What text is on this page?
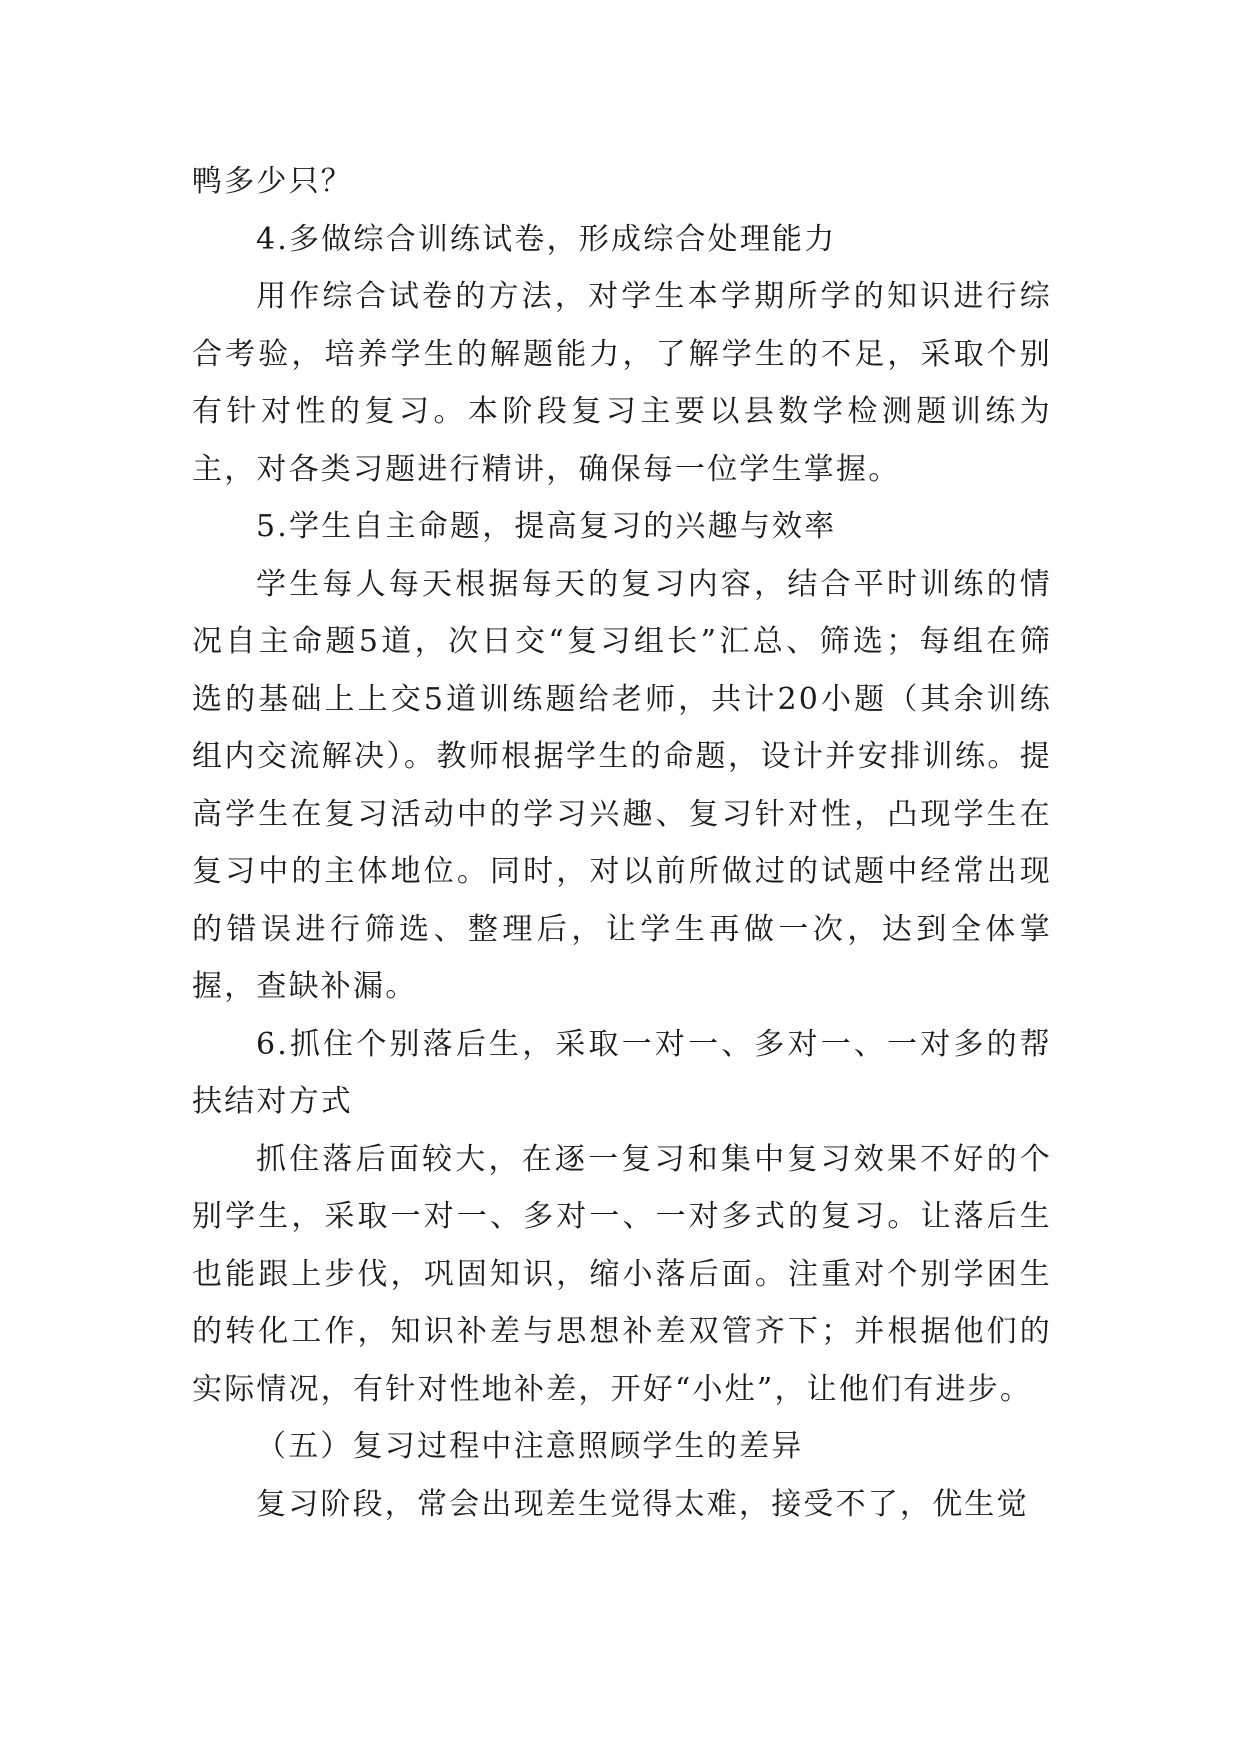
鸭多少只？

4.多做综合训练试卷，形成综合处理能力

用作综合试卷的方法，对学生本学期所学的知识进行综合考验，培养学生的解题能力，了解学生的不足，采取个别有针对性的复习。本阶段复习主要以县数学检测题训练为主，对各类习题进行精讲，确保每一位学生掌握。

5.学生自主命题，提高复习的兴趣与效率

学生每人每天根据每天的复习内容，结合平时训练的情况自主命题5道，次日交“复习组长”汇总、筛选；每组在筛选的基础上上交5道训练题给老师，共计20小题（其余训练组内交流解决）。教师根据学生的命题，设计并安排训练。提高学生在复习活动中的学习兴趣、复习针对性，凸现学生在复习中的主体地位。同时，对以前所做过的试题中经常出现的错误进行筛选、整理后，让学生再做一次，达到全体掌握，查缺补漏。

6.抓住个别落后生，采取一对一、多对一、一对多的帮扶结对方式

抓住落后面较大，在逐一复习和集中复习效果不好的个别学生，采取一对一、多对一、一对多式的复习。让落后生也能跟上步伐，巩固知识，缩小落后面。注重对个别学困生的转化工作，知识补差与思想补差双管齐下；并根据他们的实际情况，有针对性地补差，开好“小灶”，让他们有进步。

（五）复习过程中注意照顾学生的差异

复习阶段，常会出现差生觉得太难，接受不了，优生觉
